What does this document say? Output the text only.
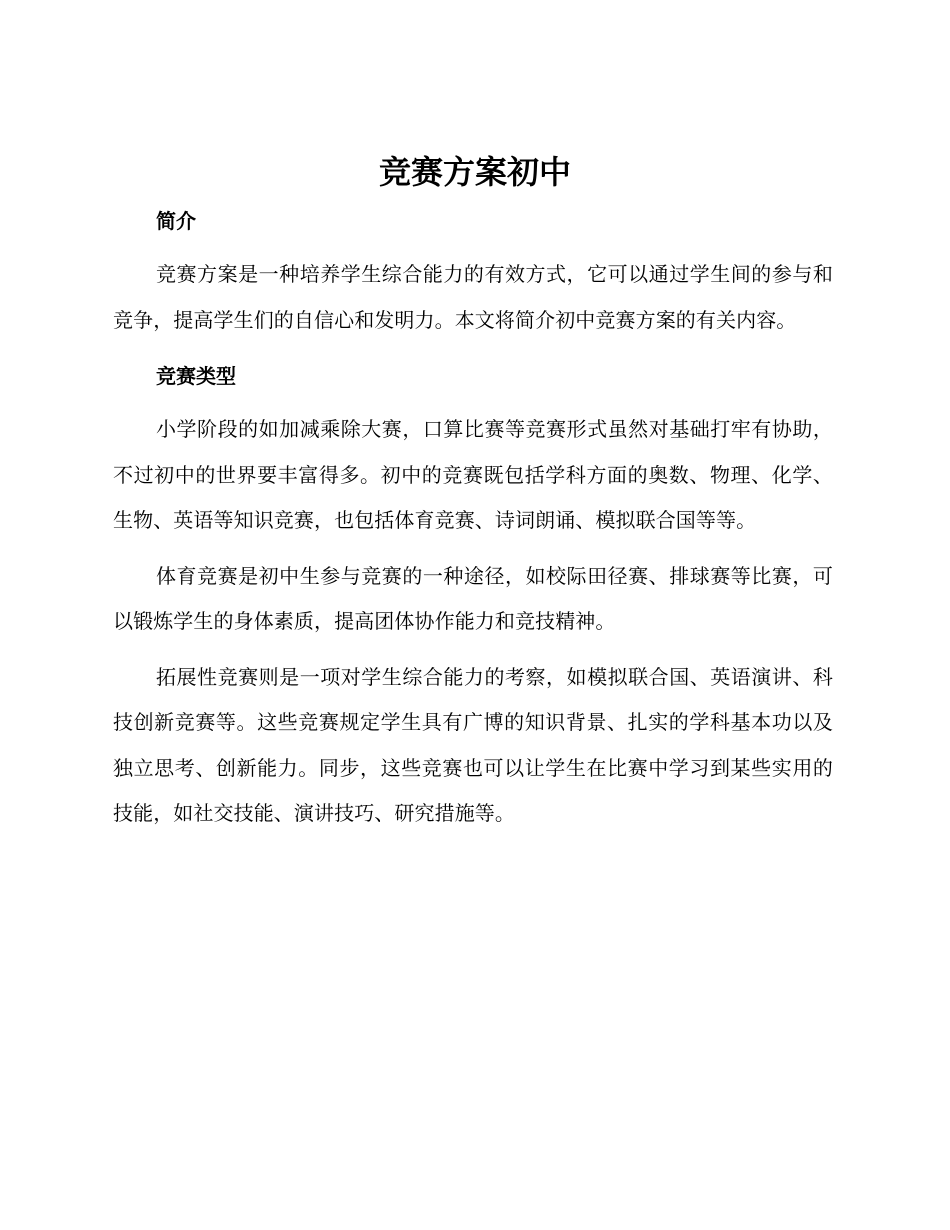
竞赛方案初中
简介

竞赛方案是一种培养学生综合能力的有效方式，它可以通过学生间的参与和竞争，提高学生们的自信心和发明力。本文将简介初中竞赛方案的有关内容。

竞赛类型

小学阶段的如加减乘除大赛，口算比赛等竞赛形式虽然对基础打牢有协助，不过初中的世界要丰富得多。初中的竞赛既包括学科方面的奥数、物理、化学、生物、英语等知识竞赛，也包括体育竞赛、诗词朗诵、模拟联合国等等。

体育竞赛是初中生参与竞赛的一种途径，如校际田径赛、排球赛等比赛，可以锻炼学生的身体素质，提高团体协作能力和竞技精神。

拓展性竞赛则是一项对学生综合能力的考察，如模拟联合国、英语演讲、科技创新竞赛等。这些竞赛规定学生具有广博的知识背景、扎实的学科基本功以及独立思考、创新能力。同步，这些竞赛也可以让学生在比赛中学习到某些实用的技能，如社交技能、演讲技巧、研究措施等。
